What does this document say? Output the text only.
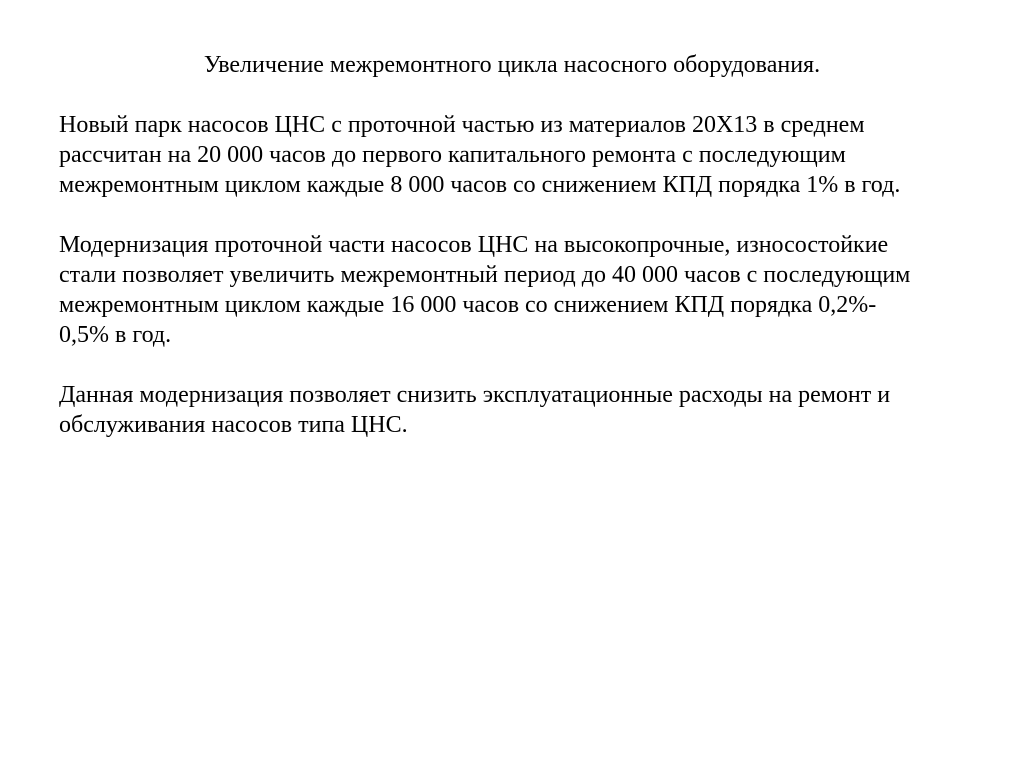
Увеличение межремонтного цикла насосного оборудования.

Новый парк насосов ЦНС с проточной частью из материалов 20Х13 в среднем
рассчитан на 20 000 часов до первого капитального ремонта с последующим
межремонтным циклом каждые 8 000 часов со снижением КПД порядка 1% в год.

Модернизация проточной части насосов ЦНС на высокопрочные, износостойкие
стали позволяет увеличить межремонтный период до 40 000 часов с последующим
межремонтным циклом каждые 16 000 часов со снижением КПД порядка 0,2%-
0,5% в год.

Данная модернизация позволяет снизить эксплуатационные расходы на ремонт и
обслуживания насосов типа ЦНС.
